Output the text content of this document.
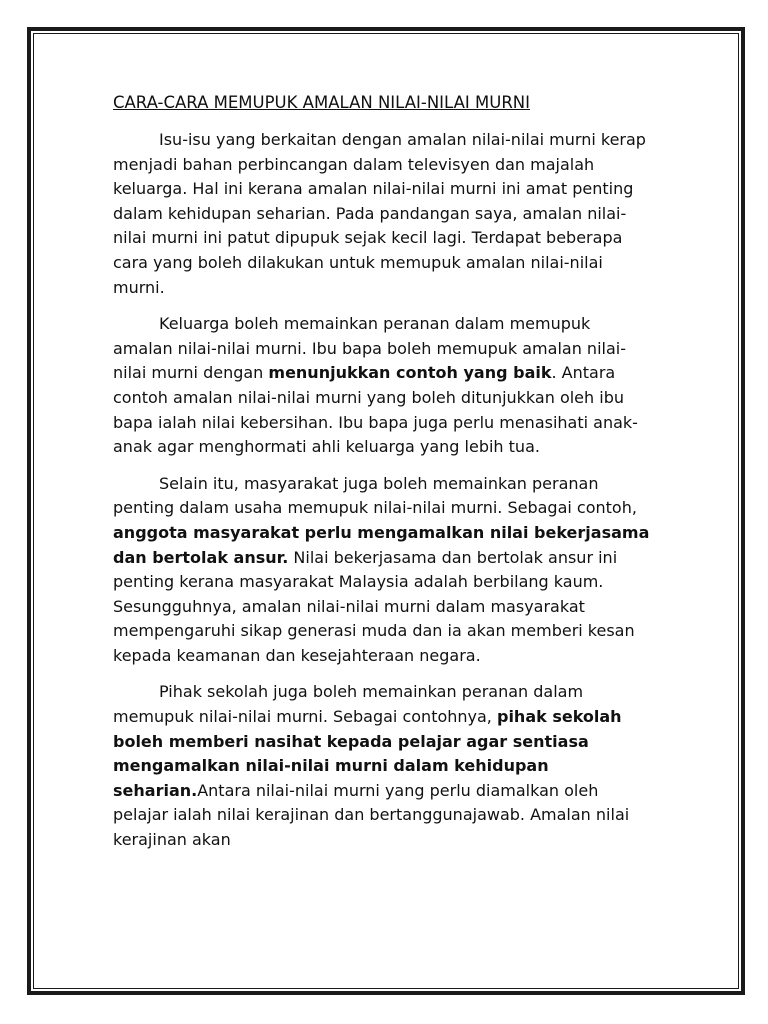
CARA-CARA MEMUPUK AMALAN NILAI-NILAI MURNI

Isu-isu yang berkaitan dengan amalan nilai-nilai murni kerap menjadi bahan perbincangan dalam televisyen dan majalah keluarga. Hal ini kerana amalan nilai-nilai murni ini amat penting dalam kehidupan seharian. Pada pandangan saya, amalan nilai-nilai murni ini patut dipupuk sejak kecil lagi. Terdapat beberapa cara yang boleh dilakukan untuk memupuk amalan nilai-nilai murni.

Keluarga boleh memainkan peranan dalam memupuk amalan nilai-nilai murni. Ibu bapa boleh memupuk amalan nilai-nilai murni dengan menunjukkan contoh yang baik. Antara contoh amalan nilai-nilai murni yang boleh ditunjukkan oleh ibu bapa ialah nilai kebersihan. Ibu bapa juga perlu menasihati anak-anak agar menghormati ahli keluarga yang lebih tua.

Selain itu, masyarakat juga boleh memainkan peranan penting dalam usaha memupuk nilai-nilai murni. Sebagai contoh, anggota masyarakat perlu mengamalkan nilai bekerjasama dan bertolak ansur. Nilai bekerjasama dan bertolak ansur ini penting kerana masyarakat Malaysia adalah berbilang kaum. Sesungguhnya, amalan nilai-nilai murni dalam masyarakat mempengaruhi sikap generasi muda dan ia akan memberi kesan kepada keamanan dan kesejahteraan negara.

Pihak sekolah juga boleh memainkan peranan dalam memupuk nilai-nilai murni. Sebagai contohnya, pihak sekolah boleh memberi nasihat kepada pelajar agar sentiasa mengamalkan nilai-nilai murni dalam kehidupan seharian.Antara nilai-nilai murni yang perlu diamalkan oleh pelajar ialah nilai kerajinan dan bertanggunajawab. Amalan nilai kerajinan akan
